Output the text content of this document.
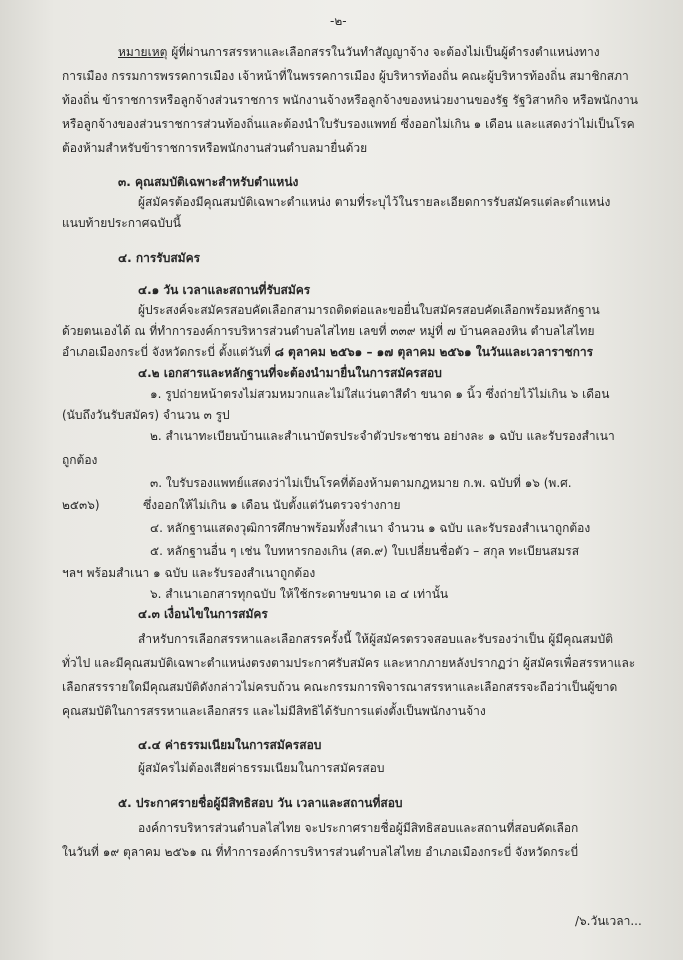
-๒-
หมายเหตุ ผู้ที่ผ่านการสรรหาและเลือกสรรในวันทำสัญญาจ้าง จะต้องไม่เป็นผู้ดำรงตำแหน่งทาง
การเมือง กรรมการพรรคการเมือง เจ้าหน้าที่ในพรรคการเมือง ผู้บริหารท้องถิ่น คณะผู้บริหารท้องถิ่น สมาชิกสภา
ท้องถิ่น ข้าราชการหรือลูกจ้างส่วนราชการ พนักงานจ้างหรือลูกจ้างของหน่วยงานของรัฐ รัฐวิสาหกิจ หรือพนักงาน
หรือลูกจ้างของส่วนราชการส่วนท้องถิ่นและต้องนำใบรับรองแพทย์ ซึ่งออกไม่เกิน ๑ เดือน และแสดงว่าไม่เป็นโรค
ต้องห้ามสำหรับข้าราชการหรือพนักงานส่วนตำบลมายื่นด้วย
๓. คุณสมบัติเฉพาะสำหรับตำแหน่ง
ผู้สมัครต้องมีคุณสมบัติเฉพาะตำแหน่ง ตามที่ระบุไว้ในรายละเอียดการรับสมัครแต่ละตำแหน่ง
แนบท้ายประกาศฉบับนี้
๔. การรับสมัคร
๔.๑ วัน เวลาและสถานที่รับสมัคร
ผู้ประสงค์จะสมัครสอบคัดเลือกสามารถติดต่อและขอยื่นใบสมัครสอบคัดเลือกพร้อมหลักฐาน
ด้วยตนเองได้ ณ ที่ทำการองค์การบริหารส่วนตำบลไสไทย เลขที่ ๓๓๙ หมู่ที่ ๗ บ้านคลองหิน ตำบลไสไทย
อำเภอเมืองกระบี่ จังหวัดกระบี่ ตั้งแต่วันที่ ๘ ตุลาคม ๒๕๖๑ – ๑๗ ตุลาคม ๒๕๖๑ ในวันและเวลาราชการ
๔.๒ เอกสารและหลักฐานที่จะต้องนำมายื่นในการสมัครสอบ
๑. รูปถ่ายหน้าตรงไม่สวมหมวกและไม่ใส่แว่นตาสีดำ ขนาด ๑ นิ้ว ซึ่งถ่ายไว้ไม่เกิน ๖ เดือน
(นับถึงวันรับสมัคร) จำนวน ๓ รูป
๒. สำเนาทะเบียนบ้านและสำเนาบัตรประจำตัวประชาชน อย่างละ ๑ ฉบับ และรับรองสำเนา
ถูกต้อง
๓. ใบรับรองแพทย์แสดงว่าไม่เป็นโรคที่ต้องห้ามตามกฎหมาย ก.พ. ฉบับที่ ๑๖ (พ.ศ.
๒๕๓๖)	ซึ่งออกให้ไม่เกิน ๑ เดือน นับตั้งแต่วันตรวจร่างกาย
๔. หลักฐานแสดงวุฒิการศึกษาพร้อมทั้งสำเนา จำนวน ๑ ฉบับ และรับรองสำเนาถูกต้อง
๕. หลักฐานอื่น ๆ เช่น ใบทหารกองเกิน (สด.๙) ใบเปลี่ยนชื่อตัว – สกุล ทะเบียนสมรส
ฯลฯ พร้อมสำเนา ๑ ฉบับ และรับรองสำเนาถูกต้อง
๖. สำเนาเอกสารทุกฉบับ ให้ใช้กระดาษขนาด เอ ๔ เท่านั้น
๔.๓ เงื่อนไขในการสมัคร
สำหรับการเลือกสรรหาและเลือกสรรครั้งนี้ ให้ผู้สมัครตรวจสอบและรับรองว่าเป็น ผู้มีคุณสมบัติ
ทั่วไป และมีคุณสมบัติเฉพาะตำแหน่งตรงตามประกาศรับสมัคร และหากภายหลังปรากฏว่า ผู้สมัครเพื่อสรรหาและ
เลือกสรรรายใดมีคุณสมบัติดังกล่าวไม่ครบถ้วน คณะกรรมการพิจารณาสรรหาและเลือกสรรจะถือว่าเป็นผู้ขาด
คุณสมบัติในการสรรหาและเลือกสรร และไม่มีสิทธิได้รับการแต่งตั้งเป็นพนักงานจ้าง
๔.๔ ค่าธรรมเนียมในการสมัครสอบ
ผู้สมัครไม่ต้องเสียค่าธรรมเนียมในการสมัครสอบ
๕. ประกาศรายชื่อผู้มีสิทธิสอบ วัน เวลาและสถานที่สอบ
องค์การบริหารส่วนตำบลไสไทย จะประกาศรายชื่อผู้มีสิทธิสอบและสถานที่สอบคัดเลือก
ในวันที่ ๑๙ ตุลาคม ๒๕๖๑ ณ ที่ทำการองค์การบริหารส่วนตำบลไสไทย อำเภอเมืองกระบี่ จังหวัดกระบี่
/๖.วันเวลา...
